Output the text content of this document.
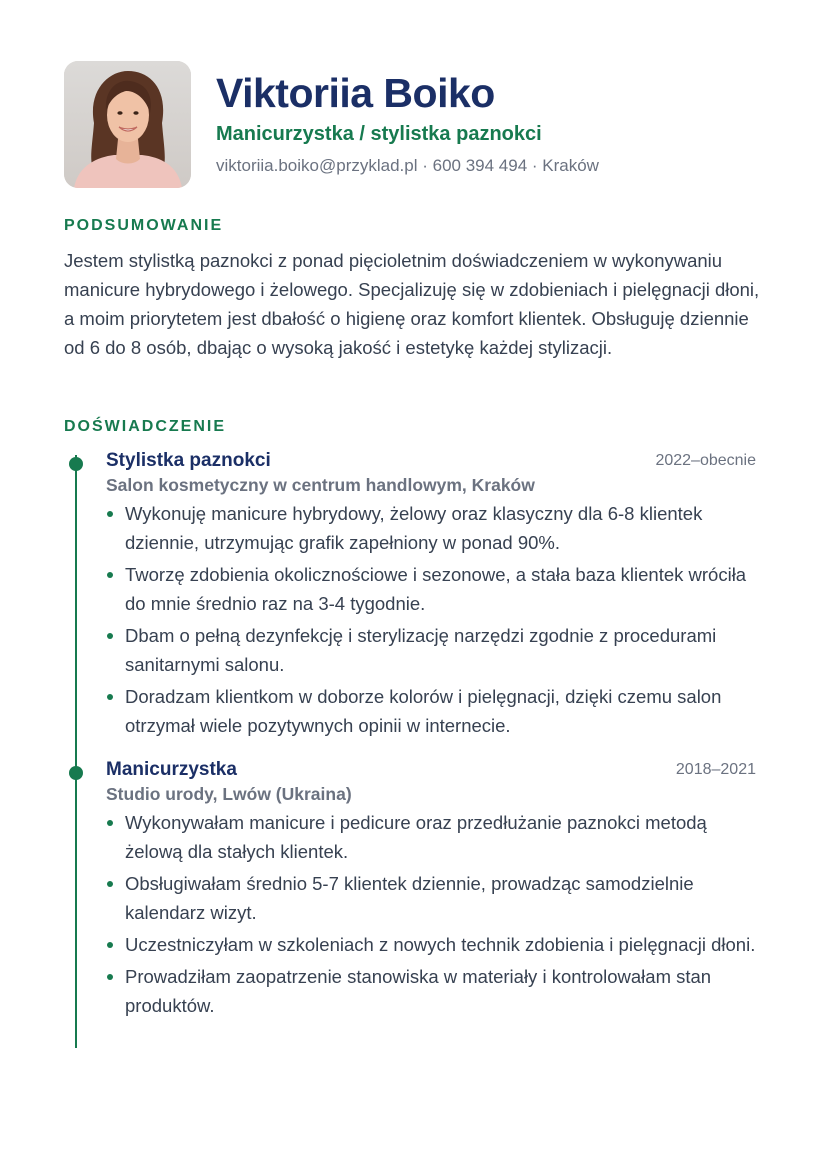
Viktoriia Boiko
Manicurzystka / stylistka paznokci
viktoriia.boiko@przyklad.pl · 600 394 494 · Kraków
PODSUMOWANIE

Jestem stylistką paznokci z ponad pięcioletnim doświadczeniem w wykonywaniu manicure hybrydowego i żelowego. Specjalizuję się w zdobieniach i pielęgnacji dłoni, a moim priorytetem jest dbałość o higienę oraz komfort klientek. Obsługuję dziennie od 6 do 8 osób, dbając o wysoką jakość i estetykę każdej stylizacji.

DOŚWIADCZENIE
Stylistka paznokci	2022–obecnie
Salon kosmetyczny w centrum handlowym, Kraków
Wykonuję manicure hybrydowy, żelowy oraz klasyczny dla 6-8 klientek dziennie, utrzymując grafik zapełniony w ponad 90%.
Tworzę zdobienia okolicznościowe i sezonowe, a stała baza klientek wróciła do mnie średnio raz na 3-4 tygodnie.
Dbam o pełną dezynfekcję i sterylizację narzędzi zgodnie z procedurami sanitarnymi salonu.
Doradzam klientkom w doborze kolorów i pielęgnacji, dzięki czemu salon otrzymał wiele pozytywnych opinii w internecie.
Manicurzystka	2018–2021
Studio urody, Lwów (Ukraina)
Wykonywałam manicure i pedicure oraz przedłużanie paznokci metodą żelową dla stałych klientek.
Obsługiwałam średnio 5-7 klientek dziennie, prowadząc samodzielnie kalendarz wizyt.
Uczestniczyłam w szkoleniach z nowych technik zdobienia i pielęgnacji dłoni.
Prowadziłam zaopatrzenie stanowiska w materiały i kontrolowałam stan produktów.
